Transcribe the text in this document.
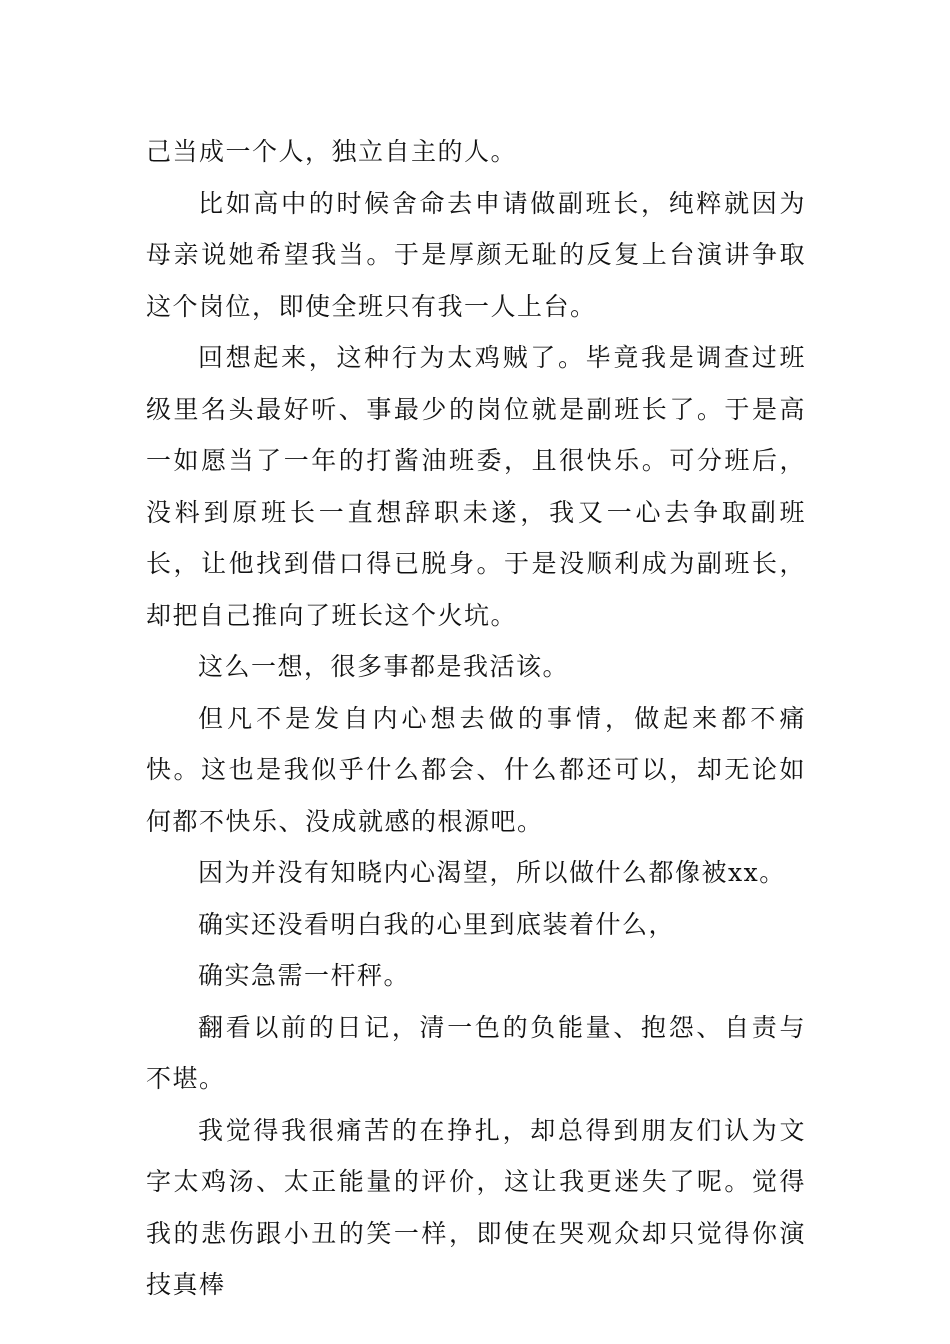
己当成一个人，独立自主的人。

比如高中的时候舍命去申请做副班长，纯粹就因为母亲说她希望我当。于是厚颜无耻的反复上台演讲争取这个岗位，即使全班只有我一人上台。

回想起来，这种行为太鸡贼了。毕竟我是调查过班级里名头最好听、事最少的岗位就是副班长了。于是高一如愿当了一年的打酱油班委，且很快乐。可分班后，没料到原班长一直想辞职未遂，我又一心去争取副班长，让他找到借口得已脱身。于是没顺利成为副班长，却把自己推向了班长这个火坑。

这么一想，很多事都是我活该。

但凡不是发自内心想去做的事情，做起来都不痛快。这也是我似乎什么都会、什么都还可以，却无论如何都不快乐、没成就感的根源吧。

因为并没有知晓内心渴望，所以做什么都像被xx。

确实还没看明白我的心里到底装着什么，

确实急需一杆秤。

翻看以前的日记，清一色的负能量、抱怨、自责与不堪。

我觉得我很痛苦的在挣扎，却总得到朋友们认为文字太鸡汤、太正能量的评价，这让我更迷失了呢。觉得我的悲伤跟小丑的笑一样，即使在哭观众却只觉得你演技真棒
